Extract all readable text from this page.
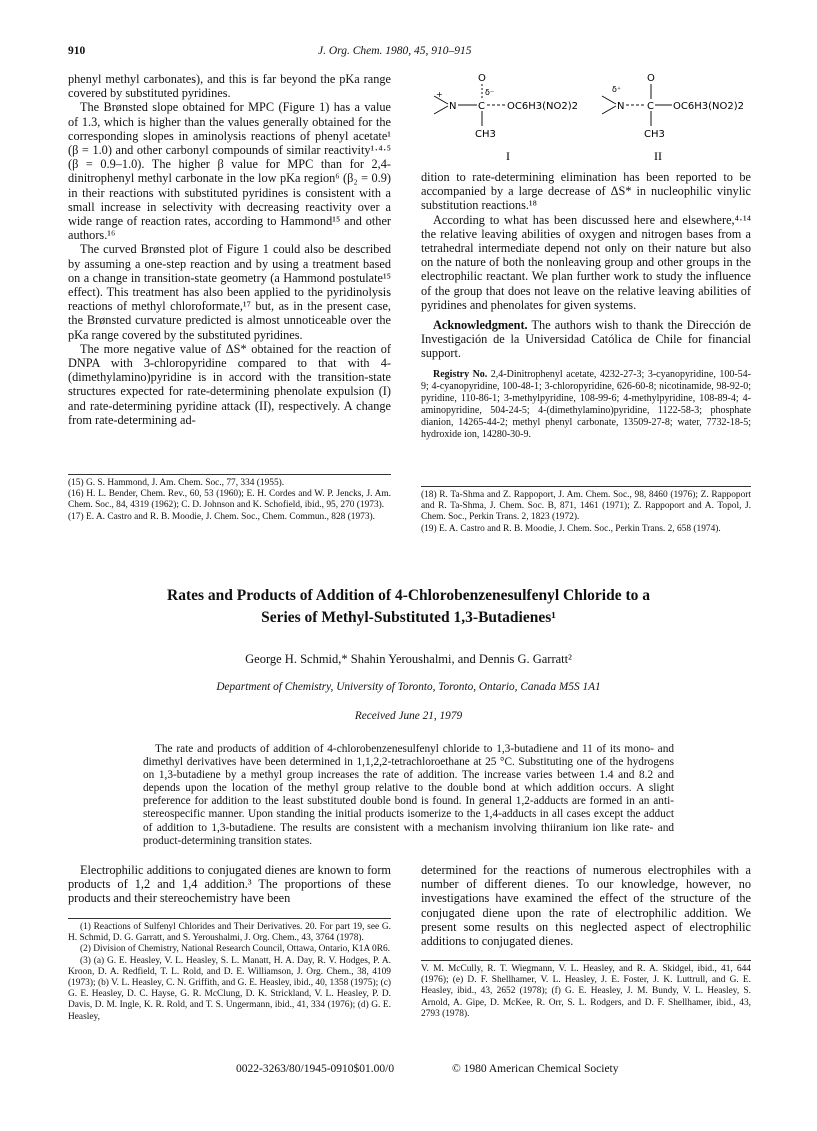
910	J. Org. Chem. 1980, 45, 910–915

phenyl methyl carbonates), and this is far beyond the pKa range covered by substituted pyridines.

The Brønsted slope obtained for MPC (Figure 1) has a value of 1.3, which is higher than the values generally obtained for the corresponding slopes in aminolysis reactions of phenyl acetate¹ (β = 1.0) and other carbonyl compounds of similar reactivity¹·⁴·⁵ (β = 0.9–1.0). The higher β value for MPC than for 2,4-dinitrophenyl methyl carbonate in the low pKa region⁶ (β₂ = 0.9) in their reactions with substituted pyridines is consistent with a small increase in selectivity with decreasing reactivity over a wide range of reaction rates, according to Hammond¹⁵ and other authors.¹⁶

The curved Brønsted plot of Figure 1 could also be described by assuming a one-step reaction and by using a treatment based on a change in transition-state geometry (a Hammond postulate¹⁵ effect). This treatment has also been applied to the pyridinolysis reactions of methyl chloroformate,¹⁷ but, as in the present case, the Brønsted curvature predicted is almost unnoticeable over the pKa range covered by the substituted pyridines.

The more negative value of ΔS* obtained for the reaction of DNPA with 3-chloropyridine compared to that with 4-(dimethylamino)pyridine is in accord with the transition-state structures expected for rate-determining phenolate expulsion (I) and rate-determining pyridine attack (II), respectively. A change from rate-determining ad-

+
N C
O
δ⁻
OC6H3(NO2)2
CH3
I
δ⁺
N C
O
OC6H3(NO2)2
CH3
II

dition to rate-determining elimination has been reported to be accompanied by a large decrease of ΔS* in nucleophilic vinylic substitution reactions.¹⁸

According to what has been discussed here and elsewhere,⁴·¹⁴ the relative leaving abilities of oxygen and nitrogen bases from a tetrahedral intermediate depend not only on their nature but also on the nature of both the nonleaving group and other groups in the electrophilic reactant. We plan further work to study the influence of the group that does not leave on the relative leaving abilities of pyridines and phenolates for given systems.

Acknowledgment. The authors wish to thank the Dirección de Investigación de la Universidad Católica de Chile for financial support.

Registry No. 2,4-Dinitrophenyl acetate, 4232-27-3; 3-cyanopyridine, 100-54-9; 4-cyanopyridine, 100-48-1; 3-chloropyridine, 626-60-8; nicotinamide, 98-92-0; pyridine, 110-86-1; 3-methylpyridine, 108-99-6; 4-methylpyridine, 108-89-4; 4-aminopyridine, 504-24-5; 4-(dimethylamino)pyridine, 1122-58-3; phosphate dianion, 14265-44-2; methyl phenyl carbonate, 13509-27-8; water, 7732-18-5; hydroxide ion, 14280-30-9.

(15) G. S. Hammond, J. Am. Chem. Soc., 77, 334 (1955).

(16) H. L. Bender, Chem. Rev., 60, 53 (1960); E. H. Cordes and W. P. Jencks, J. Am. Chem. Soc., 84, 4319 (1962); C. D. Johnson and K. Schofield, ibid., 95, 270 (1973).

(17) E. A. Castro and R. B. Moodie, J. Chem. Soc., Chem. Commun., 828 (1973).

(18) R. Ta-Shma and Z. Rappoport, J. Am. Chem. Soc., 98, 8460 (1976); Z. Rappoport and R. Ta-Shma, J. Chem. Soc. B, 871, 1461 (1971); Z. Rappoport and A. Topol, J. Chem. Soc., Perkin Trans. 2, 1823 (1972).

(19) E. A. Castro and R. B. Moodie, J. Chem. Soc., Perkin Trans. 2, 658 (1974).

Rates and Products of Addition of 4-Chlorobenzenesulfenyl Chloride to a
Series of Methyl-Substituted 1,3-Butadienes¹
George H. Schmid,* Shahin Yeroushalmi, and Dennis G. Garratt²
Department of Chemistry, University of Toronto, Toronto, Ontario, Canada M5S 1A1
Received June 21, 1979

The rate and products of addition of 4-chlorobenzenesulfenyl chloride to 1,3-butadiene and 11 of its mono- and dimethyl derivatives have been determined in 1,1,2,2-tetrachloroethane at 25 °C. Substituting one of the hydrogens on 1,3-butadiene by a methyl group increases the rate of addition. The increase varies between 1.4 and 8.2 and depends upon the location of the methyl group relative to the double bond at which addition occurs. A slight preference for addition to the least substituted double bond is found. In general 1,2-adducts are formed in an anti-stereospecific manner. Upon standing the initial products isomerize to the 1,4-adducts in all cases except the adduct of addition to 1,3-butadiene. The results are consistent with a mechanism involving thiiranium ion like rate- and product-determining transition states.

Electrophilic additions to conjugated dienes are known to form products of 1,2 and 1,4 addition.³ The proportions of these products and their stereochemistry have been

determined for the reactions of numerous electrophiles with a number of different dienes. To our knowledge, however, no investigations have examined the effect of the structure of the conjugated diene upon the rate of electrophilic addition. We present some results on this neglected aspect of electrophilic additions to conjugated dienes.

(1) Reactions of Sulfenyl Chlorides and Their Derivatives. 20. For part 19, see G. H. Schmid, D. G. Garratt, and S. Yeroushalmi, J. Org. Chem., 43, 3764 (1978).

(2) Division of Chemistry, National Research Council, Ottawa, Ontario, K1A 0R6.

(3) (a) G. E. Heasley, V. L. Heasley, S. L. Manatt, H. A. Day, R. V. Hodges, P. A. Kroon, D. A. Redfield, T. L. Rold, and D. E. Williamson, J. Org. Chem., 38, 4109 (1973); (b) V. L. Heasley, C. N. Griffith, and G. E. Heasley, ibid., 40, 1358 (1975); (c) G. E. Heasley, D. C. Hayse, G. R. McClung, D. K. Strickland, V. L. Heasley, P. D. Davis, D. M. Ingle, K. R. Rold, and T. S. Ungermann, ibid., 41, 334 (1976); (d) G. E. Heasley,

V. M. McCully, R. T. Wiegmann, V. L. Heasley, and R. A. Skidgel, ibid., 41, 644 (1976); (e) D. F. Shellhamer, V. L. Heasley, J. E. Foster, J. K. Luttrull, and G. E. Heasley, ibid., 43, 2652 (1978); (f) G. E. Heasley, J. M. Bundy, V. L. Heasley, S. Arnold, A. Gipe, D. McKee, R. Orr, S. L. Rodgers, and D. F. Shellhamer, ibid., 43, 2793 (1978).

0022-3263/80/1945-0910$01.00/0	© 1980 American Chemical Society
